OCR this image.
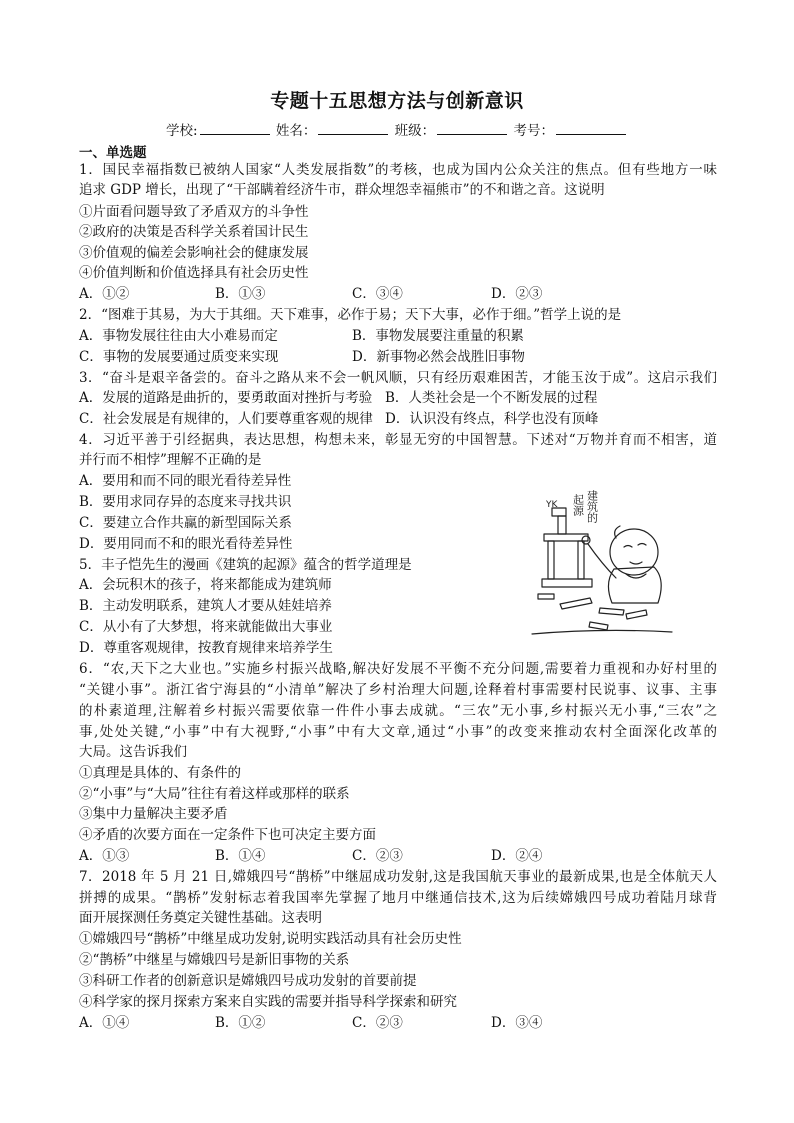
专题十五思想方法与创新意识
学校:	姓名：	班级：	考号：
一、单选题
1．国民幸福指数已被纳人国家“人类发展指数”的考核，也成为国内公众关注的焦点。但有些地方一味
追求 GDP 增长，出现了“干部瞒着经济牛市，群众埋怨幸福熊市”的不和谐之音。这说明
①片面看问题导致了矛盾双方的斗争性
②政府的决策是否科学关系着国计民生
③价值观的偏差会影响社会的健康发展
④价值判断和价值选择具有社会历史性
A．①②	B．①③	C．③④	D．②③
2．“图难于其易，为大于其细。天下难事，必作于易；天下大事，必作于细。”哲学上说的是
A．事物发展往往由大小难易而定	B．事物发展要注重量的积累
C．事物的发展要通过质变来实现	D．新事物必然会战胜旧事物
3．“奋斗是艰辛备尝的。奋斗之路从来不会一帆风顺，只有经历艰难困苦，才能玉汝于成”。这启示我们
A．发展的道路是曲折的，要勇敢面对挫折与考验 B．人类社会是一个不断发展的过程
C．社会发展是有规律的，人们要尊重客观的规律 D．认识没有终点，科学也没有顶峰
4．习近平善于引经据典，表达思想，构想未来，彰显无穷的中国智慧。下述对“万物并育而不相害，道
并行而不相悖”理解不正确的是
A．要用和而不同的眼光看待差异性
B．要用求同存异的态度来寻找共识
C．要建立合作共赢的新型国际关系
D．要用同而不和的眼光看待差异性
5．丰子恺先生的漫画《建筑的起源》蕴含的哲学道理是
A．会玩积木的孩子，将来都能成为建筑师
B．主动发明联系，建筑人才要从娃娃培养
C．从小有了大梦想，将来就能做出大事业
D．尊重客观规律，按教育规律来培养学生
建筑的
起源
YK
6．“农,天下之大业也。”实施乡村振兴战略,解决好发展不平衡不充分问题,需要着力重视和办好村里的
“关键小事”。浙江省宁海县的“小清单”解决了乡村治理大问题,诠释着村事需要村民说事、议事、主事
的朴素道理,注解着乡村振兴需要依靠一件件小事去成就。“三农”无小事,乡村振兴无小事,“三农”之
事,处处关键,“小事”中有大视野,“小事”中有大文章,通过“小事”的改变来推动农村全面深化改革的
大局。这告诉我们
①真理是具体的、有条件的
②“小事”与“大局”往往有着这样或那样的联系
③集中力量解决主要矛盾
④矛盾的次要方面在一定条件下也可决定主要方面
A．①③	B．①④	C．②③	D．②④
7．2018 年 5 月 21 日,嫦娥四号“鹊桥”中继屈成功发射,这是我国航天事业的最新成果,也是全体航天人
拼搏的成果。“鹊桥”发射标志着我国率先掌握了地月中继通信技术,这为后续嫦娥四号成功着陆月球背
面开展探测任务奠定关键性基础。这表明
①嫦娥四号“鹊桥”中继星成功发射,说明实践活动具有社会历史性
②“鹊桥”中继星与嫦娥四号是新旧事物的关系
③科研工作者的创新意识是嫦娥四号成功发射的首要前提
④科学家的探月探索方案来自实践的需要并指导科学探索和研究
A．①④	B．①②	C．②③	D．③④
